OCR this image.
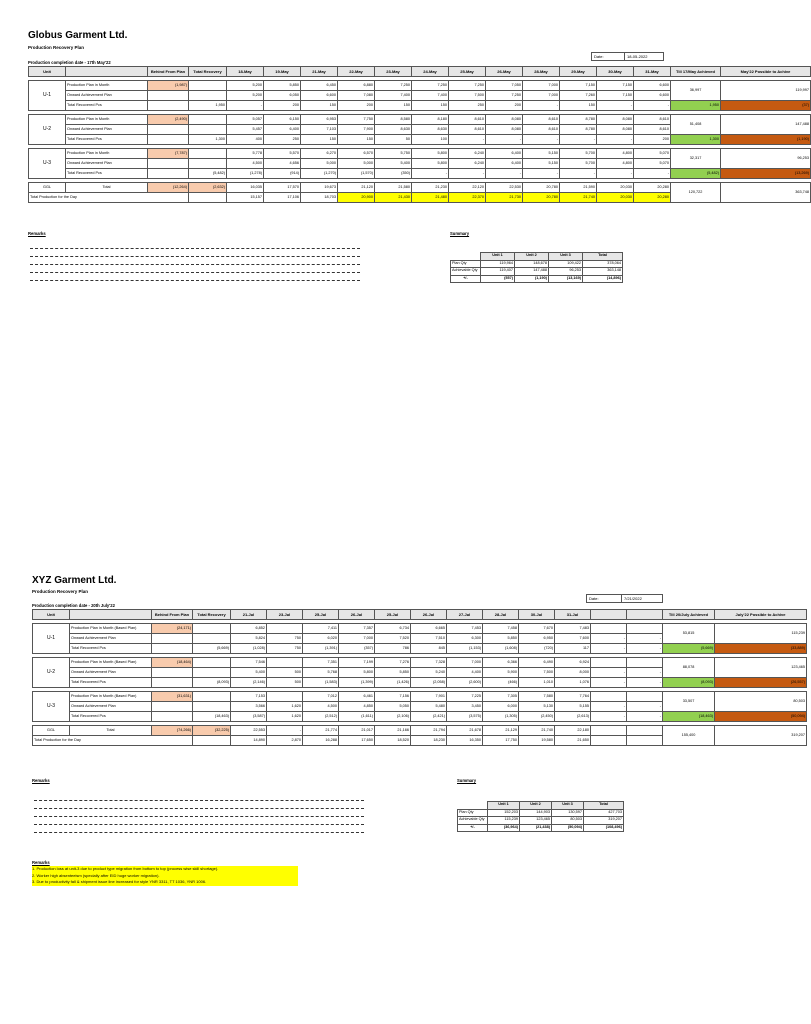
Globus Garment Ltd.
Production Recovery Plan
Production completion date - 17th May'22
Date:	18-05-2022
Unit		Behind From Plan	Total Recovery	18-May	19-May	21-May	22-May	23-May	24-May	25-May	26-May	28-May	29-May	30-May	31-May	Till 17/May Achieved	May'22 Possible to Achive

U-1	Production Plan in Month	(1,987)		5,200	5,850	6,450	6,880	7,250	7,250	7,250	7,050	7,000	7,150	7,150	6,600	36,997	119,997
	Onward Achievement Plan			5,200	6,050	6,600	7,080	7,400	7,400	7,500	7,250	7,000	7,260	7,150	6,600		
	Total Recovered Pcs		1,950	-	200	150	200	150	150	250	200	-	150	-	-	1,950	(37)

U-2	Production Plan in Month	(2,490)		5,057	6,150	6,953	7,750	8,580	8,180	8,610	8,080	8,610	8,780	8,080	8,610	51,408	147,488
	Onward Achievement Plan			5,457	6,400	7,103	7,900	8,630	8,630	8,610	8,080	8,610	8,780	8,080	8,610		
	Total Recovered Pcs		1,300	400	250	150	150	50	100	-	-	-	-	-	200	1,300	(1,190)

U-3	Production Plan in Month	(7,787)		5,778	5,570	6,270	6,570	5,750	5,800	6,240	6,400	5,150	5,700	4,800	5,070	32,317	96,253
	Onward Achievement Plan			4,500	4,656	5,000	5,000	5,400	5,800	6,240	6,400	5,150	5,700	4,800	5,070		
	Total Recovered Pcs		(5,482)	(1,278)	(914)	(1,270)	(1,570)	(350)	-	-	-	-	-	-	-	(5,482)	(13,269)

GGL	Total	(12,264)	(2,632)	16,035	17,570	19,673	21,120	21,580	21,230	22,120	22,530	20,780	21,590	20,030	20,280	120,722	363,748
Total Production for the Day				15,157	17,106	18,703	20,900	21,430	21,480	22,370	21,730	20,780	21,740	20,030	20,280		
Remarks	Summary
	Unit 1	Unit 2	Unit 3	Total
Plan Qty	119,964	148,678	109,422	378,064
Achievable Qty	119,407	147,488	96,253	363,148
+/-	(557)	(1,190)	(13,169)	(14,896)
XYZ Garment Ltd.
Production Recovery Plan
Production completion date - 20th July'22
Date:	7/21/2022
Unit		Behind From Plan	Total Recovery	21-Jul	23-Jul	25-Jul	26-Jul	25-Jul	26-Jul	27-Jul	28-Jul	30-Jul	31-Jul			Till 20/July Achieved	July'22 Possible to Achive

U-1	Production Plan in Month (Based Plan)	(24,171)		6,852		7,411	7,357	6,734	6,665	7,453	7,458	7,670	7,483			53,815	115,239
	Onward Achievement Plan			5,824	750	6,020	7,000	7,520	7,510	6,300	5,850	6,950	7,600	-	-		
	Total Recovered Pcs		(5,669)	(1,028)	750	(1,391)	(357)	786	845	(1,153)	(1,608)	(720)	117	-	-	(5,669)	(33,889)

U-2	Production Plan in Month (Based Plan)	(18,464)		7,546		7,351	7,199	7,276	7,328	7,000	6,366	6,490	6,924			88,078	123,465
	Onward Achievement Plan			5,400	500	5,768	5,800	5,850	5,240	4,400	5,900	7,500	8,000	-	-		
	Total Recovered Pcs		(8,093)	(2,146)	500	(1,583)	(1,399)	(1,426)	(2,058)	(2,600)	(466)	1,010	1,076	-	-	(8,093)	(26,557)

U-3	Production Plan in Month (Based Plan)	(31,631)		7,153		7,012	6,461	7,156	7,901	7,225	7,305	7,580	7,764			33,507	80,503
	Onward Achievement Plan			3,566	1,620	4,500	4,850	5,050	5,480	3,450	6,000	5,130	5,155	-	-		
	Total Recovered Pcs		(18,463)	(3,587)	1,620	(2,512)	(1,611)	(2,106)	(2,421)	(3,575)	(1,305)	(2,450)	(2,613)	-	-	(18,463)	(50,094)

GGL	Total	(74,266)	(32,225)	22,553	-	21,774	21,017	21,166	21,794	21,678	21,129	21,740	22,180			155,400	319,207
Total Production for the Day				14,890	2,870	16,288	17,650	18,520	18,230	16,350	17,750	19,580	21,650				
Remarks	Summary
	Unit 1	Unit 2	Unit 3	Total
Plan Qty	152,203	144,903	130,597	427,703
Achievable Qty	115,239	123,465	80,503	319,207
+/-	(36,964)	(21,438)	(50,094)	(108,496)
Remarks
1. Production loss at unit-3 due to product type migration from bottom to top (process wise skill shortage).
2. Worker high absenteeism (specially after EID huge worker migration).
3. Due to productivity fall & shipment issue line increased for style YNR 3311, TT 1036, YNR 1006.
